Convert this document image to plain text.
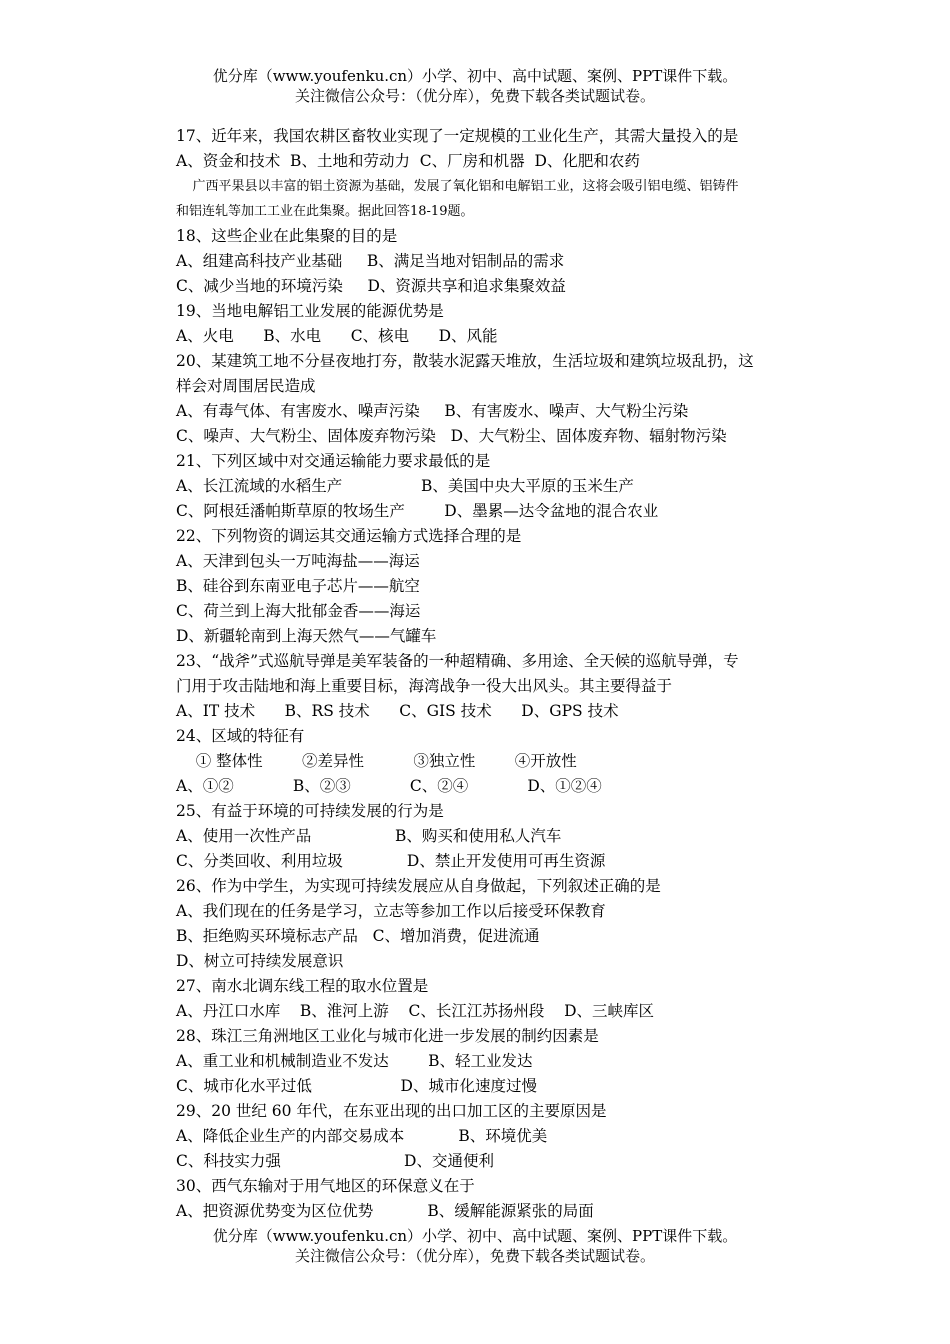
优分库（www.youfenku.cn）小学、初中、高中试题、案例、PPT课件下载。
关注微信公众号：（优分库），免费下载各类试题试卷。
17、近年来，我国农耕区畜牧业实现了一定规模的工业化生产，其需大量投入的是
A、资金和技术  B、土地和劳动力  C、厂房和机器  D、化肥和农药
广西平果县以丰富的铝土资源为基础，发展了氧化铝和电解铝工业，这将会吸引铝电缆、铝铸件
和铝连轧等加工工业在此集聚。据此回答18-19题。
18、这些企业在此集聚的目的是
A、组建高科技产业基础     B、满足当地对铝制品的需求
C、减少当地的环境污染     D、资源共享和追求集聚效益
19、当地电解铝工业发展的能源优势是
A、火电      B、水电      C、核电      D、风能
20、某建筑工地不分昼夜地打夯，散装水泥露天堆放，生活垃圾和建筑垃圾乱扔，这
样会对周围居民造成
A、有毒气体、有害废水、噪声污染     B、有害废水、噪声、大气粉尘污染
C、噪声、大气粉尘、固体废弃物污染   D、大气粉尘、固体废弃物、辐射物污染
21、下列区域中对交通运输能力要求最低的是
A、长江流域的水稻生产                B、美国中央大平原的玉米生产
C、阿根廷潘帕斯草原的牧场生产        D、墨累—达令盆地的混合农业
22、下列物资的调运其交通运输方式选择合理的是
A、天津到包头一万吨海盐——海运
B、硅谷到东南亚电子芯片——航空
C、荷兰到上海大批郁金香——海运
D、新疆轮南到上海天然气——气罐车
23、“战斧”式巡航导弹是美军装备的一种超精确、多用途、全天候的巡航导弹，专
门用于攻击陆地和海上重要目标，海湾战争一役大出风头。其主要得益于
A、IT 技术      B、RS 技术      C、GIS 技术      D、GPS 技术
24、区域的特征有
① 整体性        ②差异性          ③独立性        ④开放性
A、①②            B、②③            C、②④            D、①②④
25、有益于环境的可持续发展的行为是
A、使用一次性产品                 B、购买和使用私人汽车
C、分类回收、利用垃圾             D、禁止开发使用可再生资源
26、作为中学生，为实现可持续发展应从自身做起，下列叙述正确的是
A、我们现在的任务是学习，立志等参加工作以后接受环保教育
B、拒绝购买环境标志产品   C、增加消费，促进流通
D、树立可持续发展意识
27、南水北调东线工程的取水位置是
A、丹江口水库    B、淮河上游    C、长江江苏扬州段    D、三峡库区
28、珠江三角洲地区工业化与城市化进一步发展的制约因素是
A、重工业和机械制造业不发达        B、轻工业发达
C、城市化水平过低                  D、城市化速度过慢
29、20 世纪 60 年代，在东亚出现的出口加工区的主要原因是
A、降低企业生产的内部交易成本           B、环境优美
C、科技实力强                         D、交通便利
30、西气东输对于用气地区的环保意义在于
A、把资源优势变为区位优势           B、缓解能源紧张的局面
优分库（www.youfenku.cn）小学、初中、高中试题、案例、PPT课件下载。
关注微信公众号：（优分库），免费下载各类试题试卷。
